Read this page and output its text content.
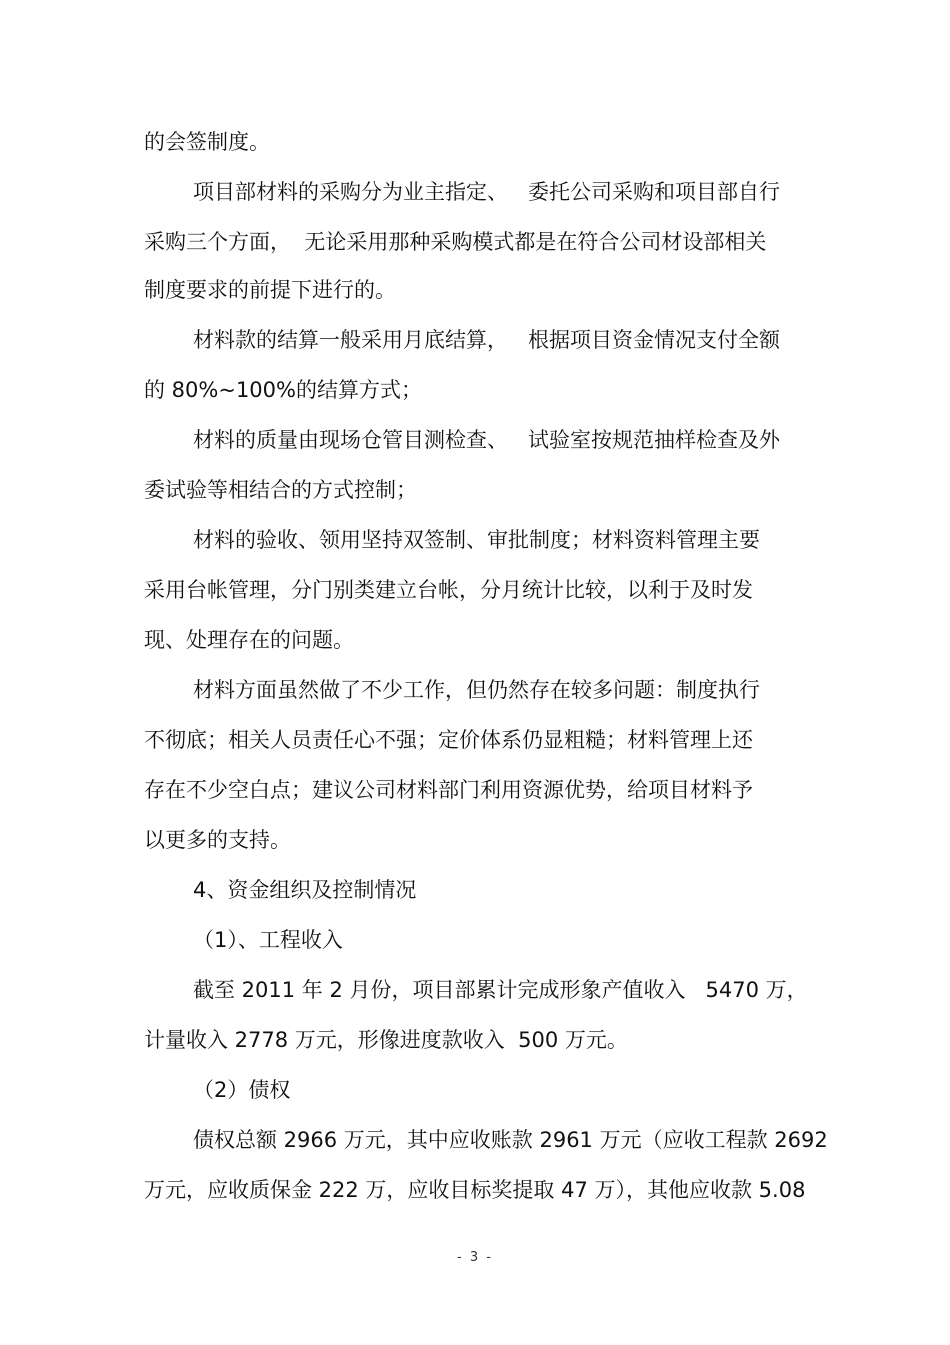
的会签制度。
项目部材料的采购分为业主指定、   委托公司采购和项目部自行
采购三个方面，  无论采用那种采购模式都是在符合公司材设部相关
制度要求的前提下进行的。
材料款的结算一般采用月底结算，   根据项目资金情况支付全额
的 80%~100%的结算方式；
材料的质量由现场仓管目测检查、   试验室按规范抽样检查及外
委试验等相结合的方式控制；
材料的验收、领用坚持双签制、审批制度；材料资料管理主要
采用台帐管理，分门别类建立台帐，分月统计比较，以利于及时发
现、处理存在的问题。
材料方面虽然做了不少工作，但仍然存在较多问题：制度执行
不彻底；相关人员责任心不强；定价体系仍显粗糙；材料管理上还
存在不少空白点；建议公司材料部门利用资源优势，给项目材料予
以更多的支持。
4、资金组织及控制情况
（1）、工程收入
截至 2011 年 2 月份，项目部累计完成形象产值收入   5470 万，
计量收入 2778 万元，形像进度款收入  500 万元。
（2）债权
债权总额 2966 万元，其中应收账款 2961 万元（应收工程款 2692
万元，应收质保金 222 万，应收目标奖提取 47 万），其他应收款 5.08
- 3 -
